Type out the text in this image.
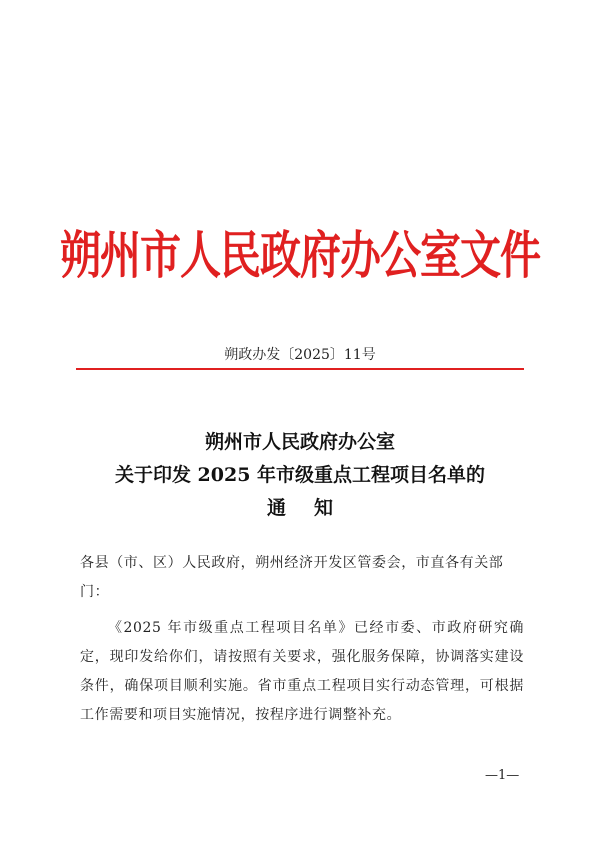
朔州市人民政府办公室文件
朔政办发〔2025〕11号
朔州市人民政府办公室
关于印发 2025 年市级重点工程项目名单的
通知
各县（市、区）人民政府，朔州经济开发区管委会，市直各有关部门：
《2025 年市级重点工程项目名单》已经市委、市政府研究确定，现印发给你们，请按照有关要求，强化服务保障，协调落实建设条件，确保项目顺利实施。省市重点工程项目实行动态管理，可根据工作需要和项目实施情况，按程序进行调整补充。
—1—
